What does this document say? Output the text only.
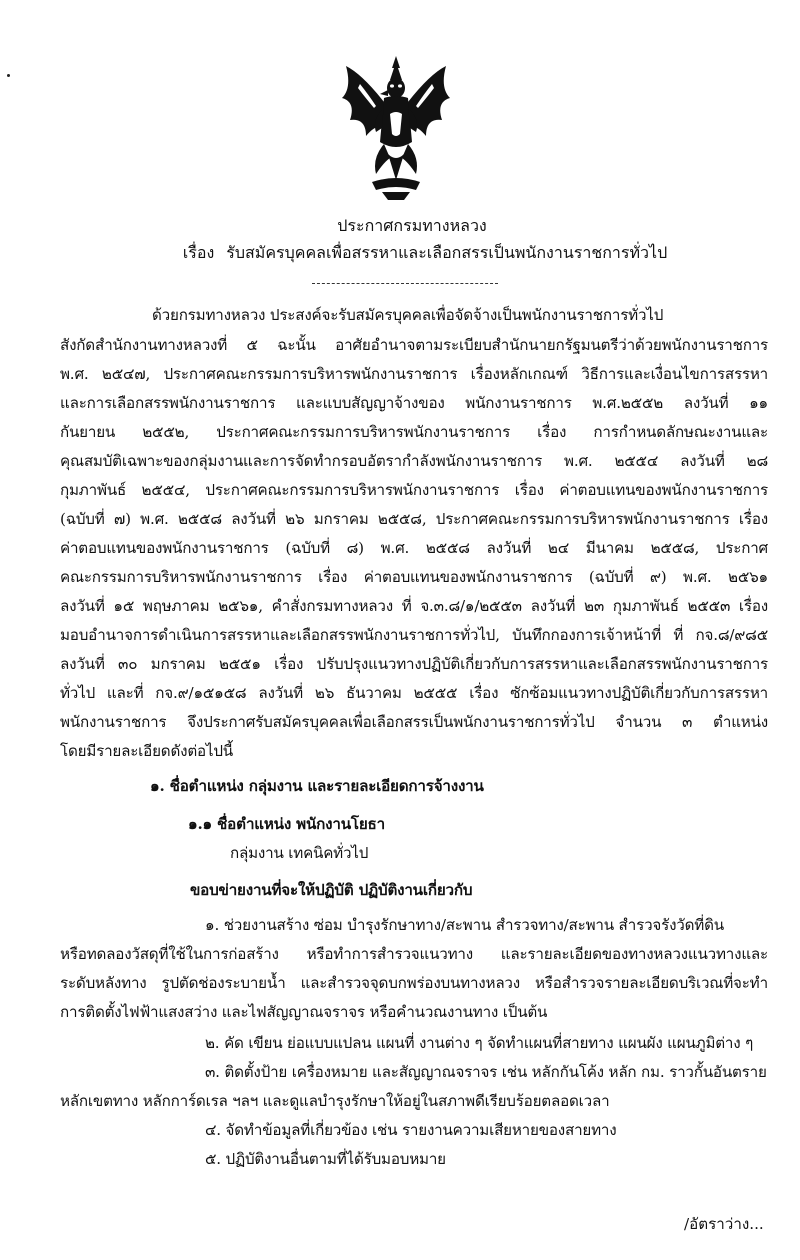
ประกาศกรมทางหลวง
เรื่อง รับสมัครบุคคลเพื่อสรรหาและเลือกสรรเป็นพนักงานราชการทั่วไป
ด้วยกรมทางหลวง ประสงค์จะรับสมัครบุคคลเพื่อจัดจ้างเป็นพนักงานราชการทั่วไป
สังกัดสำนักงานทางหลวงที่ ๕ ฉะนั้น อาศัยอำนาจตามระเบียบสำนักนายกรัฐมนตรีว่าด้วยพนักงานราชการ
พ.ศ. ๒๕๔๗, ประกาศคณะกรรมการบริหารพนักงานราชการ เรื่องหลักเกณฑ์ วิธีการและเงื่อนไขการสรรหา
และการเลือกสรรพนักงานราชการ และแบบสัญญาจ้างของ พนักงานราชการ พ.ศ.๒๕๕๒ ลงวันที่ ๑๑
กันยายน ๒๕๕๒, ประกาศคณะกรรมการบริหารพนักงานราชการ เรื่อง การกำหนดลักษณะงานและ
คุณสมบัติเฉพาะของกลุ่มงานและการจัดทำกรอบอัตรากำลังพนักงานราชการ พ.ศ. ๒๕๕๔ ลงวันที่ ๒๘
กุมภาพันธ์ ๒๕๕๔, ประกาศคณะกรรมการบริหารพนักงานราชการ เรื่อง ค่าตอบแทนของพนักงานราชการ
(ฉบับที่ ๗) พ.ศ. ๒๕๕๘ ลงวันที่ ๒๖ มกราคม ๒๕๕๘, ประกาศคณะกรรมการบริหารพนักงานราชการ เรื่อง
ค่าตอบแทนของพนักงานราชการ (ฉบับที่ ๘) พ.ศ. ๒๕๕๘ ลงวันที่ ๒๔ มีนาคม ๒๕๕๘, ประกาศ
คณะกรรมการบริหารพนักงานราชการ เรื่อง ค่าตอบแทนของพนักงานราชการ (ฉบับที่ ๙) พ.ศ. ๒๕๖๑
ลงวันที่ ๑๕ พฤษภาคม ๒๕๖๑, คำสั่งกรมทางหลวง ที่ จ.๓.๘/๑/๒๕๕๓ ลงวันที่ ๒๓ กุมภาพันธ์ ๒๕๕๓ เรื่อง
มอบอำนาจการดำเนินการสรรหาและเลือกสรรพนักงานราชการทั่วไป, บันทึกกองการเจ้าหน้าที่ ที่ กจ.๘/๙๘๕
ลงวันที่ ๓๐ มกราคม ๒๕๕๑ เรื่อง ปรับปรุงแนวทางปฏิบัติเกี่ยวกับการสรรหาและเลือกสรรพนักงานราชการ
ทั่วไป และที่ กจ.๙/๑๕๑๕๘ ลงวันที่ ๒๖ ธันวาคม ๒๕๕๕ เรื่อง ซักซ้อมแนวทางปฏิบัติเกี่ยวกับการสรรหา
พนักงานราชการ จึงประกาศรับสมัครบุคคลเพื่อเลือกสรรเป็นพนักงานราชการทั่วไป จำนวน ๓ ตำแหน่ง
โดยมีรายละเอียดดังต่อไปนี้
๑. ชื่อตำแหน่ง กลุ่มงาน และรายละเอียดการจ้างงาน
๑.๑ ชื่อตำแหน่ง พนักงานโยธา
กลุ่มงาน เทคนิคทั่วไป
ขอบข่ายงานที่จะให้ปฏิบัติ ปฏิบัติงานเกี่ยวกับ
๑. ช่วยงานสร้าง ซ่อม บำรุงรักษาทาง/สะพาน สำรวจทาง/สะพาน สำรวจรังวัดที่ดิน
หรือทดลองวัสดุที่ใช้ในการก่อสร้าง หรือทำการสำรวจแนวทาง และรายละเอียดของทางหลวงแนวทางและ
ระดับหลังทาง รูปตัดช่องระบายน้ำ และสำรวจจุดบกพร่องบนทางหลวง หรือสำรวจรายละเอียดบริเวณที่จะทำ
การติดตั้งไฟฟ้าแสงสว่าง และไฟสัญญาณจราจร หรือคำนวณงานทาง เป็นต้น
๒. คัด เขียน ย่อแบบแปลน แผนที่ งานต่าง ๆ จัดทำแผนที่สายทาง แผนผัง แผนภูมิต่าง ๆ
๓. ติดตั้งป้าย เครื่องหมาย และสัญญาณจราจร เช่น หลักกันโค้ง หลัก กม. ราวกั้นอันตราย
หลักเขตทาง หลักการ์ดเรล ฯลฯ และดูแลบำรุงรักษาให้อยู่ในสภาพดีเรียบร้อยตลอดเวลา
๔. จัดทำข้อมูลที่เกี่ยวข้อง เช่น รายงานความเสียหายของสายทาง
๕. ปฏิบัติงานอื่นตามที่ได้รับมอบหมาย
/อัตราว่าง...
